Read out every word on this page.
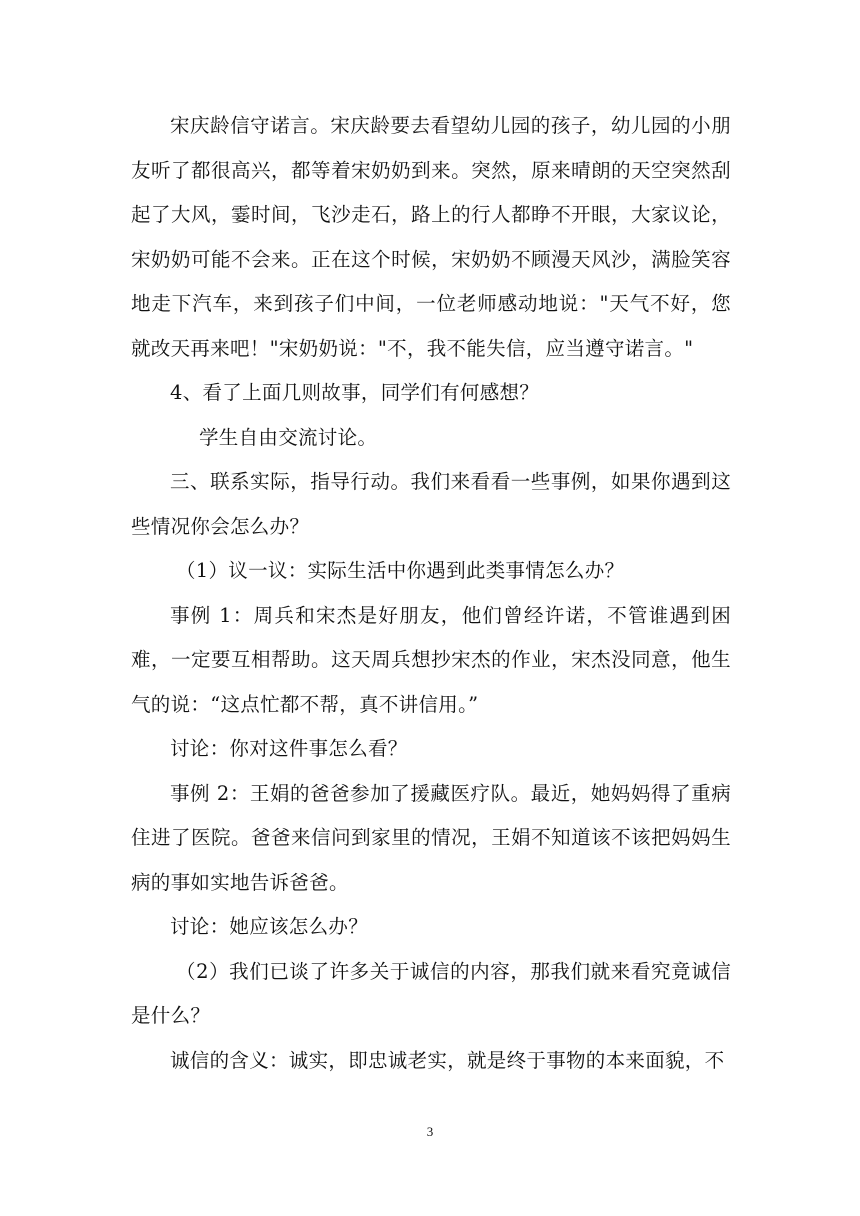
宋庆龄信守诺言。宋庆龄要去看望幼儿园的孩子，幼儿园的小朋友听了都很高兴，都等着宋奶奶到来。突然，原来晴朗的天空突然刮起了大风，霎时间，飞沙走石，路上的行人都睁不开眼，大家议论，宋奶奶可能不会来。正在这个时候，宋奶奶不顾漫天风沙，满脸笑容地走下汽车，来到孩子们中间，一位老师感动地说："天气不好，您就改天再来吧！"宋奶奶说："不，我不能失信，应当遵守诺言。"

4、看了上面几则故事，同学们有何感想？

学生自由交流讨论。

三、联系实际，指导行动。我们来看看一些事例，如果你遇到这些情况你会怎么办？

（1）议一议：实际生活中你遇到此类事情怎么办？

事例 1：周兵和宋杰是好朋友，他们曾经许诺，不管谁遇到困难，一定要互相帮助。这天周兵想抄宋杰的作业，宋杰没同意，他生气的说：“这点忙都不帮，真不讲信用。”

讨论：你对这件事怎么看？

事例 2：王娟的爸爸参加了援藏医疗队。最近，她妈妈得了重病住进了医院。爸爸来信问到家里的情况，王娟不知道该不该把妈妈生病的事如实地告诉爸爸。

讨论：她应该怎么办？

（2）我们已谈了许多关于诚信的内容，那我们就来看究竟诚信是什么？

诚信的含义：诚实，即忠诚老实，就是终于事物的本来面貌，不

3
